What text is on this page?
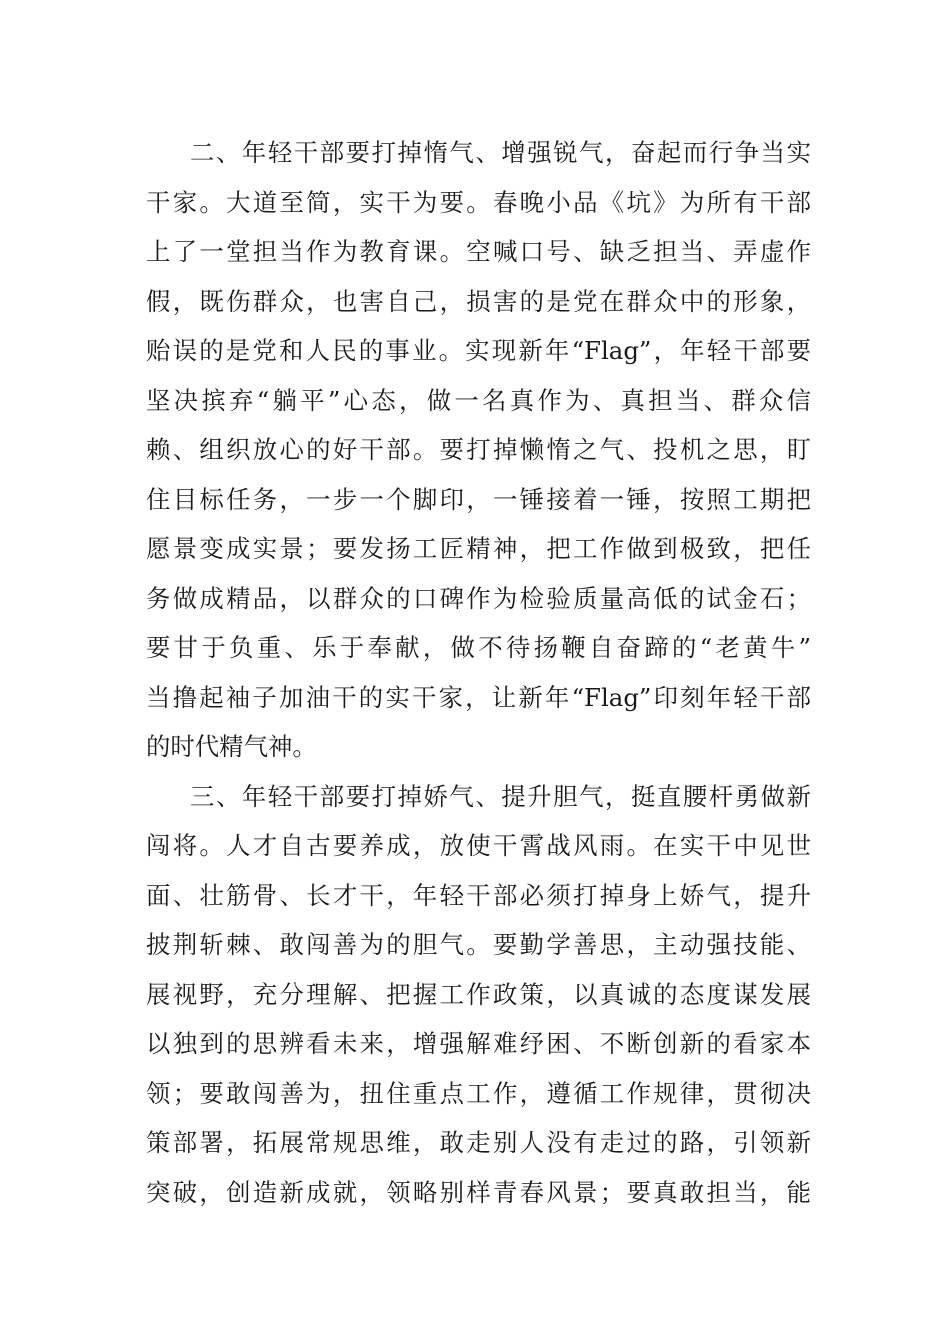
二、年轻干部要打掉惰气、增强锐气，奋起而行争当实
干家。大道至简，实干为要。春晚小品《坑》为所有干部
上了一堂担当作为教育课。空喊口号、缺乏担当、弄虚作
假，既伤群众，也害自己，损害的是党在群众中的形象，
贻误的是党和人民的事业。实现新年“Flag”，年轻干部要
坚决摈弃“躺平”心态，做一名真作为、真担当、群众信
赖、组织放心的好干部。要打掉懒惰之气、投机之思，盯
住目标任务，一步一个脚印，一锤接着一锤，按照工期把
愿景变成实景；要发扬工匠精神，把工作做到极致，把任
务做成精品，以群众的口碑作为检验质量高低的试金石；
要甘于负重、乐于奉献，做不待扬鞭自奋蹄的“老黄牛”
当撸起袖子加油干的实干家，让新年“Flag”印刻年轻干部
的时代精气神。
三、年轻干部要打掉娇气、提升胆气，挺直腰杆勇做新
闯将。人才自古要养成，放使干霄战风雨。在实干中见世
面、壮筋骨、长才干，年轻干部必须打掉身上娇气，提升
披荆斩棘、敢闯善为的胆气。要勤学善思，主动强技能、
展视野，充分理解、把握工作政策，以真诚的态度谋发展
以独到的思辨看未来，增强解难纾困、不断创新的看家本
领；要敢闯善为，扭住重点工作，遵循工作规律，贯彻决
策部署，拓展常规思维，敢走别人没有走过的路，引领新
突破，创造新成就，领略别样青春风景；要真敢担当，能
